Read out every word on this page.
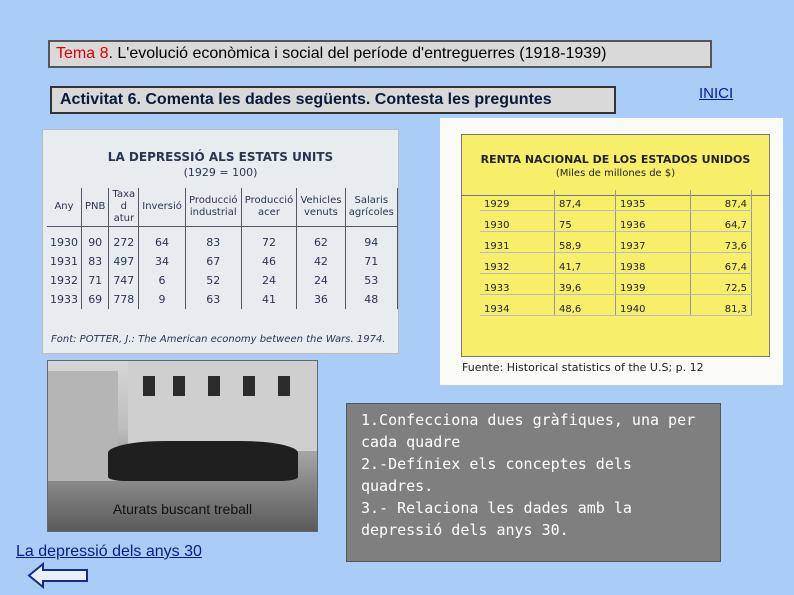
Tema 8. L'evolució econòmica i social del període d'entreguerres (1918-1939)
Activitat 6. Comenta les dades següents. Contesta les preguntes	INICI
LA DEPRESSIÓ ALS ESTATS UNITS
(1929 = 100)
Any	PNB	Taxa d atur	Inversió	Producció industrial	Producció acer	Vehicles venuts	Salaris agrícoles
1930	90	272	64	83	72	62	94
1931	83	497	34	67	46	42	71
1932	71	747	6	52	24	24	53
1933	69	778	9	63	41	36	48
Font: POTTER, J.: The American economy between the Wars. 1974.
RENTA NACIONAL DE LOS ESTADOS UNIDOS
(Miles de millones de $)
1929	87,4	1935	87,4
1930	75	1936	64,7
1931	58,9	1937	73,6
1932	41,7	1938	67,4
1933	39,6	1939	72,5
1934	48,6	1940	81,3
Fuente: Historical statistics of the U.S; p. 12
Aturats buscant treball
La depressió dels anys 30

1.Confecciona dues gràfiques, una per cada quadre

2.-Defíniex els conceptes dels quadres.

3.- Relaciona les dades amb la depressió dels anys 30.
